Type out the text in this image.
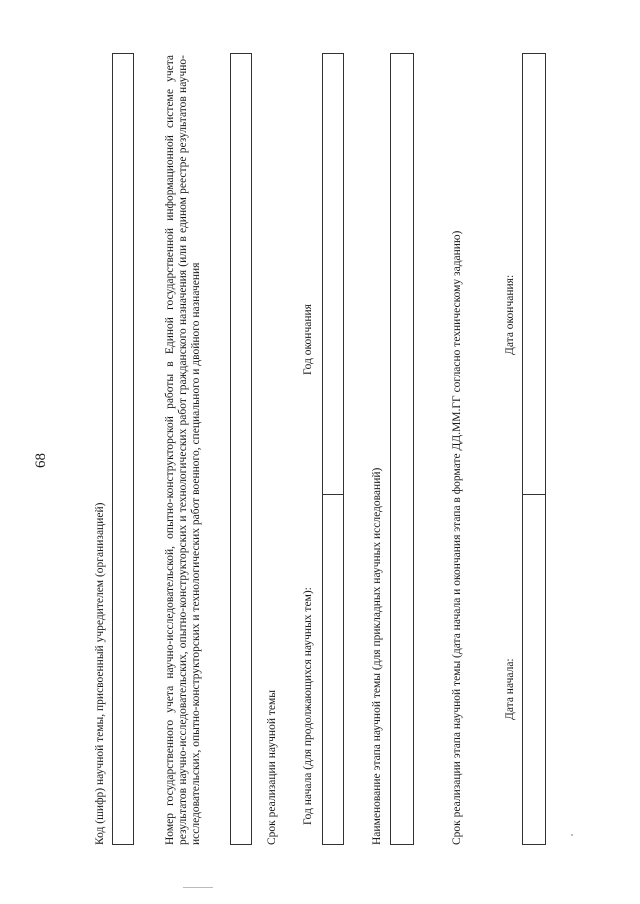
68
Код (шифр) научной темы, присвоенный учредителем (организацией)	Номер государственного учета научно-исследовательской, опытно-конструкторской работы в Единой государственной информационной системе учета результатов научно-исследовательских, опытно-конструкторских и технологических работ гражданского назначения (или в едином реестре результатов научно-исследовательских, опытно-конструкторских и технологических работ военного, специального и двойного назначения	Срок реализации научной темы Год начала (для продолжающихся научных тем):
Год окончания
Наименование этапа научной темы (для прикладных научных исследований)	Срок реализации этапа научной темы (дата начала и окончания этапа в формате ДД.ММ.ГГ согласно техническому заданию)	Дата начала:
Дата окончания:
